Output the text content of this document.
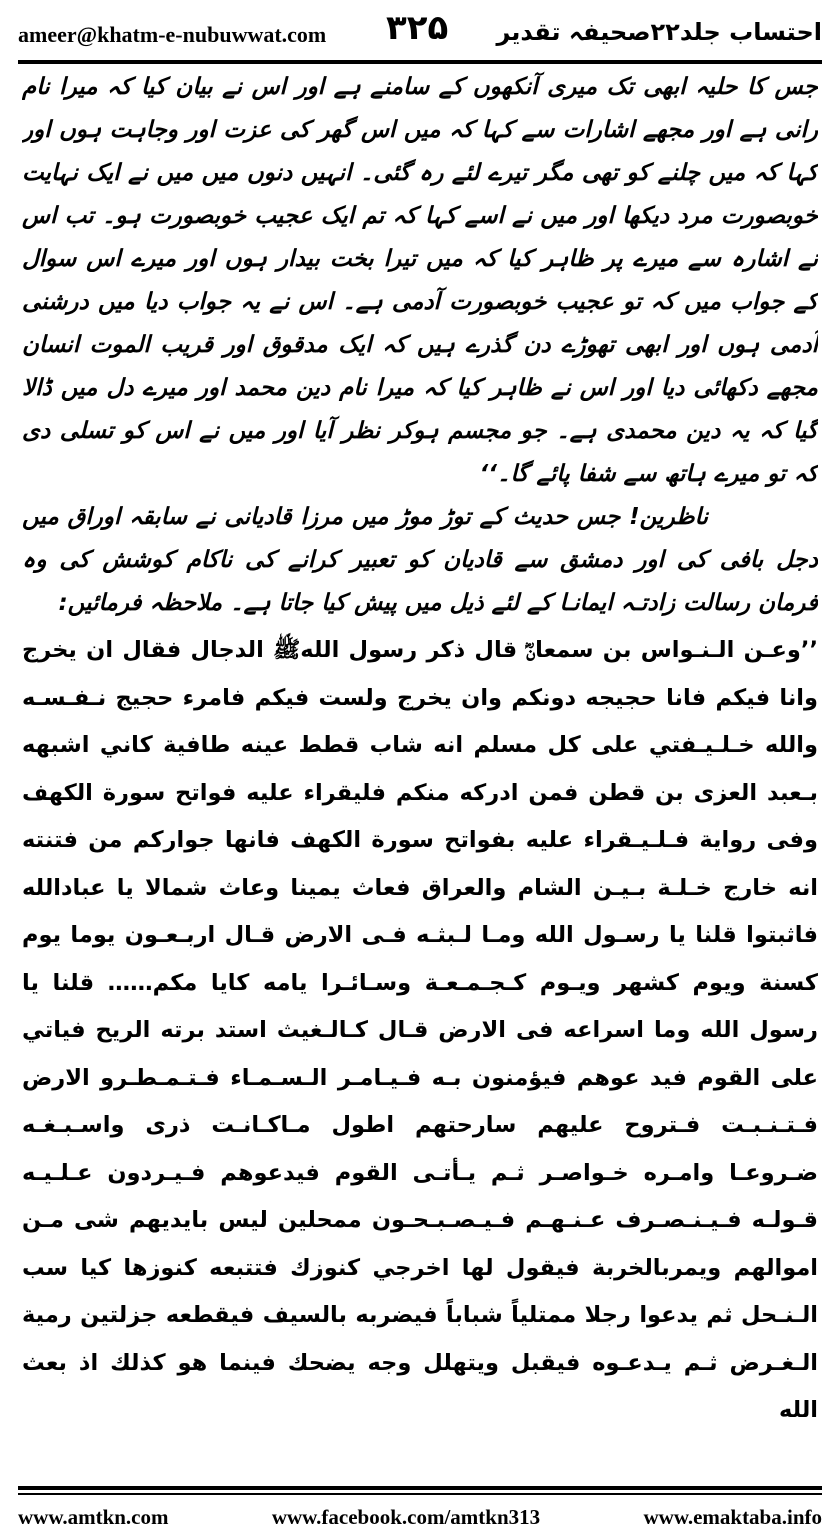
ameer@khatm-e-nubuwwat.com ۳۲۵ احتساب جلد۲۲صحیفہ تقدیر

جس کا حلیہ ابھی تک میری آنکھوں کے سامنے ہے اور اس نے بیان کیا کہ میرا نام رانی ہے اور مجھے اشارات سے کہا کہ میں اس گھر کی عزت اور وجاہت ہوں اور کہا کہ میں چلنے کو تھی مگر تیرے لئے رہ گئی۔ انہیں دنوں میں میں نے ایک نہایت خوبصورت مرد دیکھا اور میں نے اسے کہا کہ تم ایک عجیب خوبصورت ہو۔ تب اس نے اشارہ سے میرے پر ظاہر کیا کہ میں تیرا بخت بیدار ہوں اور میرے اس سوال کے جواب میں کہ تو عجیب خوبصورت آدمی ہے۔ اس نے یہ جواب دیا میں درشنی آدمی ہوں اور ابھی تھوڑے دن گذرے ہیں کہ ایک مدقوق اور قریب الموت انسان مجھے دکھائی دیا اور اس نے ظاہر کیا کہ میرا نام دین محمد اور میرے دل میں ڈالا گیا کہ یہ دین محمدی ہے۔ جو مجسم ہوکر نظر آیا اور میں نے اس کو تسلی دی کہ تو میرے ہاتھ سے شفا پائے گا۔‘‘

ناظرین! جس حدیث کے توڑ موڑ میں مرزا قادیانی نے سابقہ اوراق میں دجل بافی کی اور دمشق سے قادیان کو تعبیر کرانے کی ناکام کوشش کی وہ فرمان رسالت زادتـہ ایمانـا کے لئے ذیل میں پیش کیا جاتا ہے۔ ملاحظہ فرمائیں:

’’وعـن الـنـواس بن سمعانؓ قال ذكر رسول اللهﷺ الدجال فقال ان يخرج وانا فيكم فانا حجيجه دونكم وان يخرج ولست فيكم فامرء حجيج نـفـسـه والله خـلـيـفتي على كل مسلم انه شاب قطط عينه طافية كاني اشبهه بـعبد العزى بن قطن فمن ادركه منكم فليقراء عليه فواتح سورة الكهف وفى رواية فـلـيـقراء عليه بفواتح سورة الكهف فانها جواركم من فتنته انه خارج خـلـة بـيـن الشام والعراق فعاث يمينا وعاث شمالا يا عبادالله فاثبتوا قلنا يا رسـول الله ومـا لـبثـه فـى الارض قـال اربـعـون يوما يوم كسنة ويوم كشهر ويـوم كـجـمـعـة وسـائـرا يامه كايا مكم…… قلنا يا رسول الله وما اسراعه فى الارض قـال كـالـغيث استد برته الريح فياتي على القوم فيد عوهم فيؤمنون بـه فـيـامـر الـسـمـاء فـتـمـطـرو الارض فـتـنـبـت فـتروح عليهم سارحتهم اطول مـاكـانـت ذرى واسـبـغـه ضـروعـا وامـره خـواصـر ثـم يـأتـى القوم فيدعوهم فـيـردون عـلـيـه قـولـه فـيـنـصـرف عـنـهـم فـيـصـبـحـون ممحلين ليس بايديهم شى مـن اموالهم ويمربالخربة فيقول لها اخرجي كنوزك فتتبعه كنوزها كيا سب الـنـحل ثم يدعوا رجلا ممتلياً شباباً فيضربه بالسيف فيقطعه جزلتين رمية الـغـرض ثـم يـدعـوه فيقبل ويتهلل وجه يضحك فينما هو كذلك اذ بعث الله

www.amtkn.com	www.facebook.com/amtkn313	www.emaktaba.info
